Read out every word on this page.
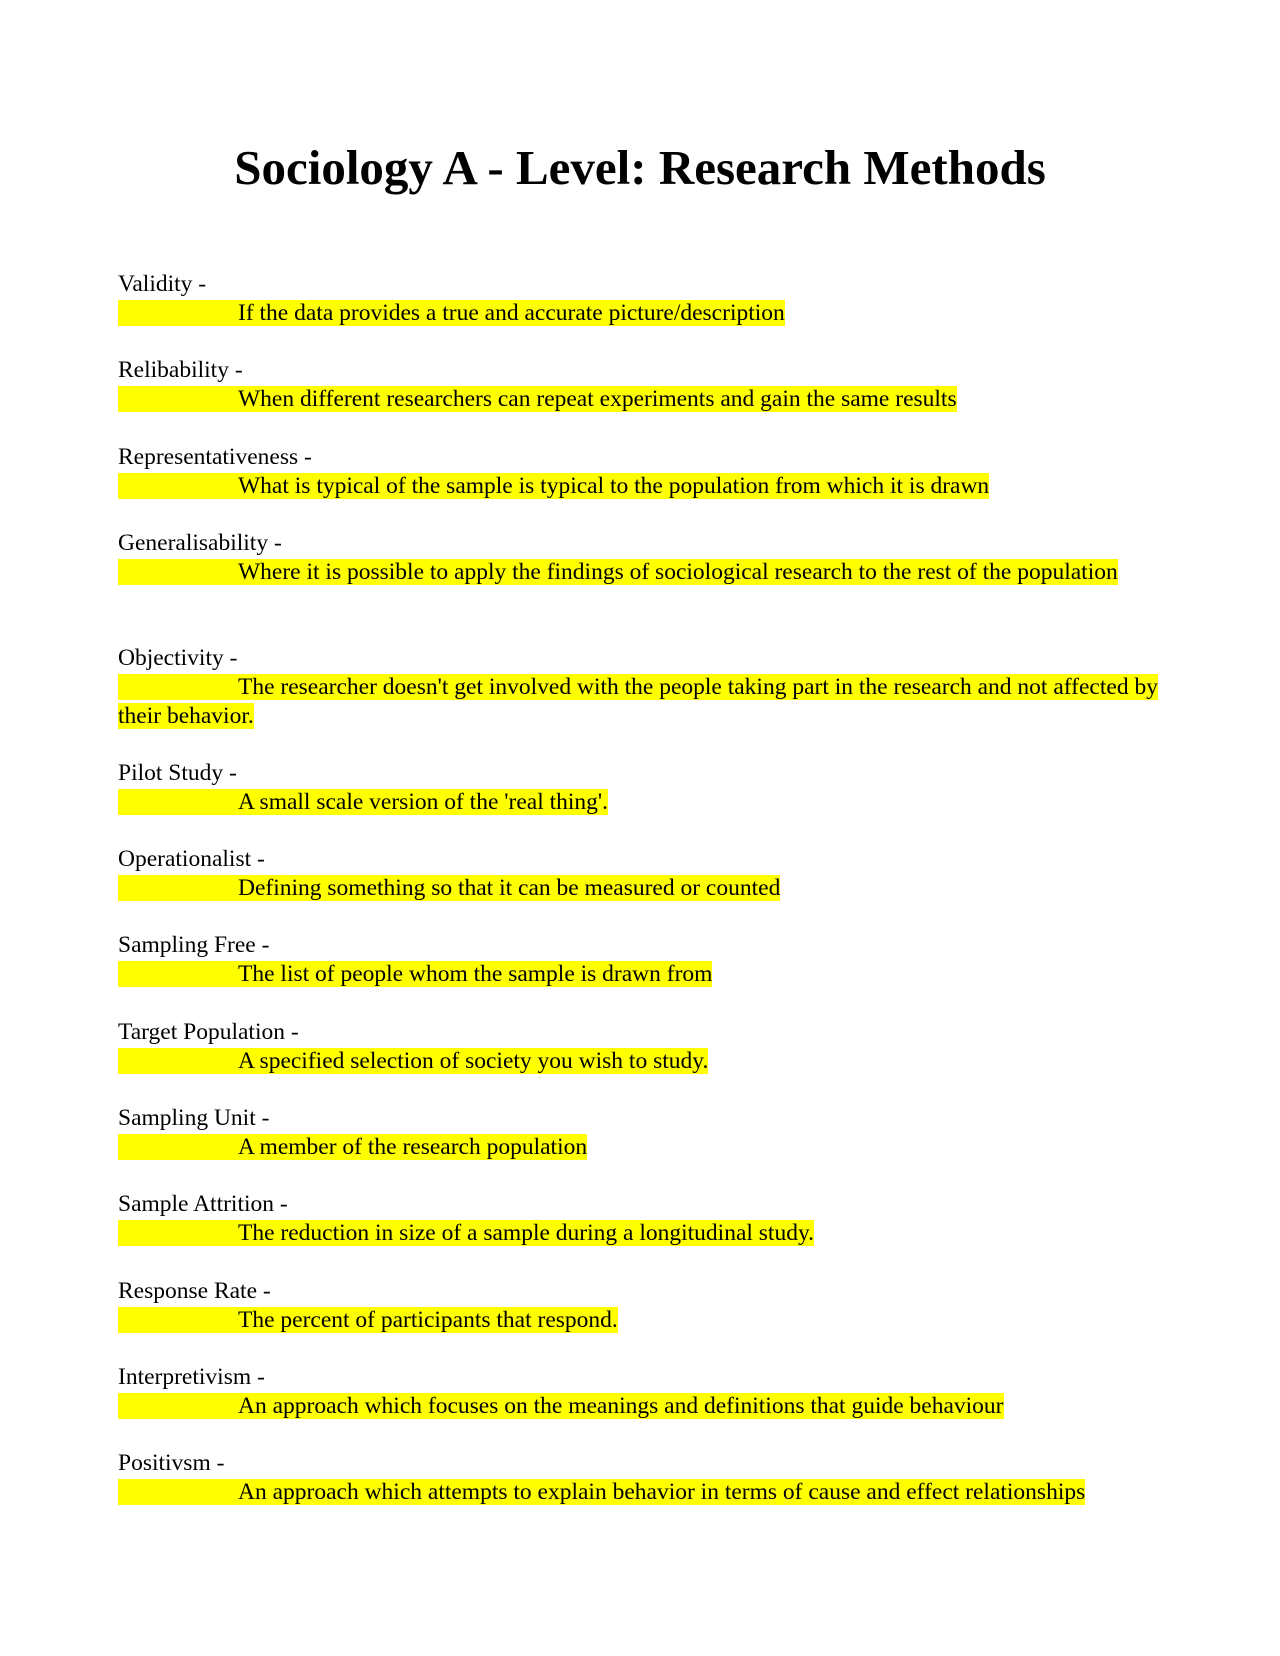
Sociology A - Level: Research Methods
Validity -
If the data provides a true and accurate picture/description
Relibability -
When different researchers can repeat experiments and gain the same results
Representativeness -
What is typical of the sample is typical to the population from which it is drawn
Generalisability -
Where it is possible to apply the findings of sociological research to the rest of the population
Objectivity -
The researcher doesn't get involved with the people taking part in the research and not affected by their behavior.
Pilot Study -
A small scale version of the 'real thing'.
Operationalist -
Defining something so that it can be measured or counted
Sampling Free -
The list of people whom the sample is drawn from
Target Population -
A specified selection of society you wish to study.
Sampling Unit -
A member of the research population
Sample Attrition -
The reduction in size of a sample during a longitudinal study.
Response Rate -
The percent of participants that respond.
Interpretivism -
An approach which focuses on the meanings and definitions that guide behaviour
Positivsm -
An approach which attempts to explain behavior in terms of cause and effect relationships
